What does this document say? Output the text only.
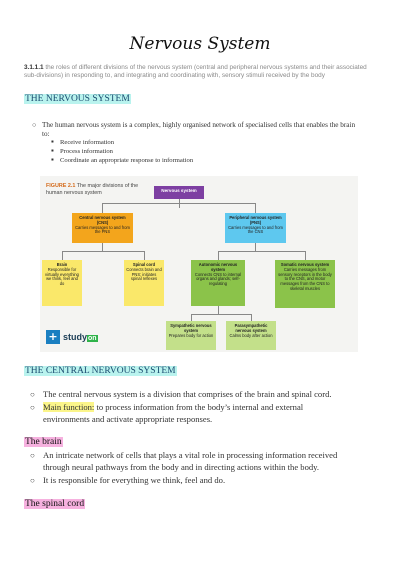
Nervous System
3.1.1.1 the roles of different divisions of the nervous system (central and peripheral nervous systems and their associated
sub-divisions) in responding to, and integrating and coordinating with, sensory stimuli received by the body
THE NERVOUS SYSTEM
○ The human nervous system is a complex, highly organised network of specialised cells that enables the brain
to:
▪ Receive information
▪ Process information
▪ Coordinate an appropriate response to information
FIGURE 2.1 The major divisions of the
human nervous system	Nervous system
Central nervous system (CNS)
Carries messages to and from the PNS
Peripheral nervous system (PNS)
Carries messages to and from the CNS
Brain
Responsible for virtually everything we think, feel and do
Spinal cord
Connects brain and PNS; initiates spinal reflexes
Autonomic nervous system
Connects CNS to internal organs and glands; self-regulating
Somatic nervous system
Carries messages from sensory receptors in the body to the CNS, and motor messages from the CNS to skeletal muscles
Sympathetic nervous system
Prepares body for action
Parasympathetic nervous system
Calms body after action
+ studyon
THE CENTRAL NERVOUS SYSTEM
○ The central nervous system is a division that comprises of the brain and spinal cord.
○ Main function: to process information from the body’s internal and external
environments and activate appropriate responses.
The brain
○ An intricate network of cells that plays a vital role in processing information received
through neural pathways from the body and in directing actions within the body.
○ It is responsible for everything we think, feel and do.
The spinal cord
